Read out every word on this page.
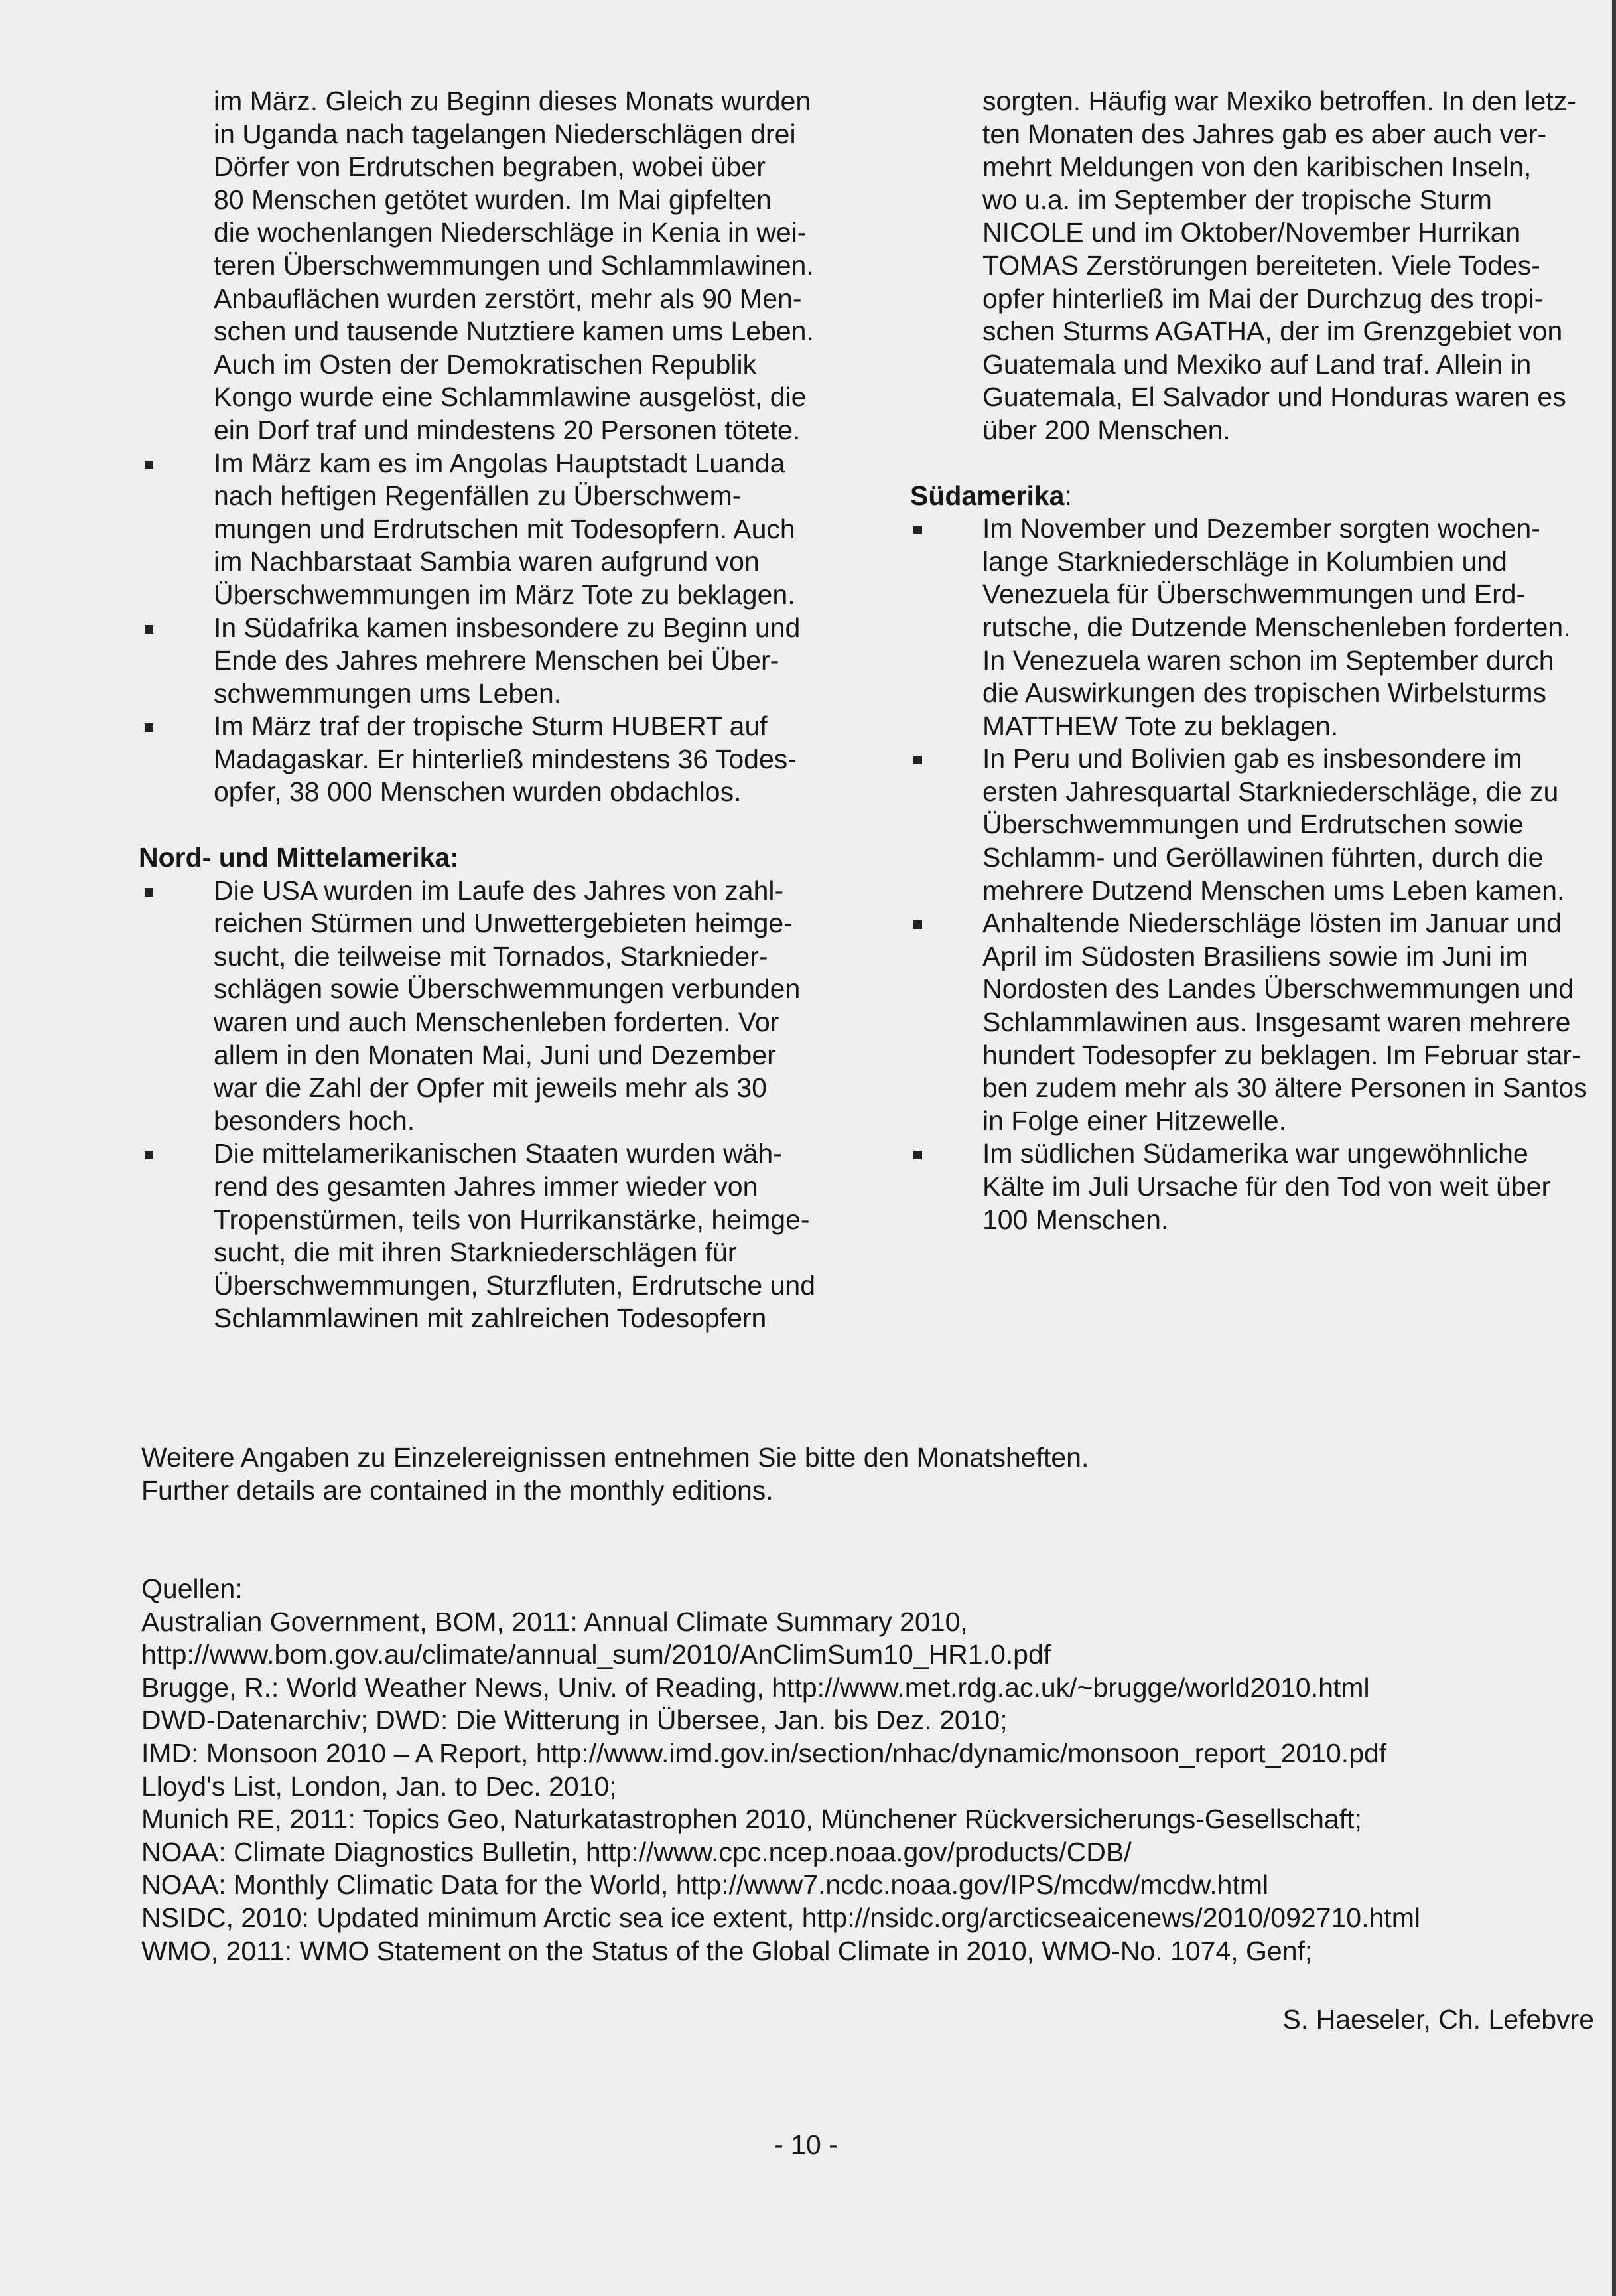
im März. Gleich zu Beginn dieses Monats wurden
in Uganda nach tagelangen Niederschlägen drei
Dörfer von Erdrutschen begraben, wobei über
80 Menschen getötet wurden. Im Mai gipfelten
die wochenlangen Niederschläge in Kenia in wei-
teren Überschwemmungen und Schlammlawinen.
Anbauflächen wurden zerstört, mehr als 90 Men-
schen und tausende Nutztiere kamen ums Leben.
Auch im Osten der Demokratischen Republik
Kongo wurde eine Schlammlawine ausgelöst, die
ein Dorf traf und mindestens 20 Personen tötete.
Im März kam es im Angolas Hauptstadt Luanda
nach heftigen Regenfällen zu Überschwem-
mungen und Erdrutschen mit Todesopfern. Auch
im Nachbarstaat Sambia waren aufgrund von
Überschwemmungen im März Tote zu beklagen.
In Südafrika kamen insbesondere zu Beginn und
Ende des Jahres mehrere Menschen bei Über-
schwemmungen ums Leben.
Im März traf der tropische Sturm HUBERT auf
Madagaskar. Er hinterließ mindestens 36 Todes-
opfer, 38 000 Menschen wurden obdachlos.
Nord- und Mittelamerika:
Die USA wurden im Laufe des Jahres von zahl-
reichen Stürmen und Unwettergebieten heimge-
sucht, die teilweise mit Tornados, Starknieder-
schlägen sowie Überschwemmungen verbunden
waren und auch Menschenleben forderten. Vor
allem in den Monaten Mai, Juni und Dezember
war die Zahl der Opfer mit jeweils mehr als 30
besonders hoch.
Die mittelamerikanischen Staaten wurden wäh-
rend des gesamten Jahres immer wieder von
Tropenstürmen, teils von Hurrikanstärke, heimge-
sucht, die mit ihren Starkniederschlägen für
Überschwemmungen, Sturzfluten, Erdrutsche und
Schlammlawinen mit zahlreichen Todesopfern
sorgten. Häufig war Mexiko betroffen. In den letz-
ten Monaten des Jahres gab es aber auch ver-
mehrt Meldungen von den karibischen Inseln,
wo u.a. im September der tropische Sturm
NICOLE und im Oktober/November Hurrikan
TOMAS Zerstörungen bereiteten. Viele Todes-
opfer hinterließ im Mai der Durchzug des tropi-
schen Sturms AGATHA, der im Grenzgebiet von
Guatemala und Mexiko auf Land traf. Allein in
Guatemala, El Salvador und Honduras waren es
über 200 Menschen.
Südamerika:
Im November und Dezember sorgten wochen-
lange Starkniederschläge in Kolumbien und
Venezuela für Überschwemmungen und Erd-
rutsche, die Dutzende Menschenleben forderten.
In Venezuela waren schon im September durch
die Auswirkungen des tropischen Wirbelsturms
MATTHEW Tote zu beklagen.
In Peru und Bolivien gab es insbesondere im
ersten Jahresquartal Starkniederschläge, die zu
Überschwemmungen und Erdrutschen sowie
Schlamm- und Geröllawinen führten, durch die
mehrere Dutzend Menschen ums Leben kamen.
Anhaltende Niederschläge lösten im Januar und
April im Südosten Brasiliens sowie im Juni im
Nordosten des Landes Überschwemmungen und
Schlammlawinen aus. Insgesamt waren mehrere
hundert Todesopfer zu beklagen. Im Februar star-
ben zudem mehr als 30 ältere Personen in Santos
in Folge einer Hitzewelle.
Im südlichen Südamerika war ungewöhnliche
Kälte im Juli Ursache für den Tod von weit über
100 Menschen.

Weitere Angaben zu Einzelereignissen entnehmen Sie bitte den Monatsheften.

Further details are contained in the monthly editions.

Quellen:

Australian Government, BOM, 2011: Annual Climate Summary 2010,

http://www.bom.gov.au/climate/annual_sum/2010/AnClimSum10_HR1.0.pdf

Brugge, R.: World Weather News, Univ. of Reading, http://www.met.rdg.ac.uk/~brugge/world2010.html

DWD-Datenarchiv; DWD: Die Witterung in Übersee, Jan. bis Dez. 2010;

IMD: Monsoon 2010 – A Report, http://www.imd.gov.in/section/nhac/dynamic/monsoon_report_2010.pdf

Lloyd's List, London, Jan. to Dec. 2010;

Munich RE, 2011: Topics Geo, Naturkatastrophen 2010, Münchener Rückversicherungs-Gesellschaft;

NOAA: Climate Diagnostics Bulletin, http://www.cpc.ncep.noaa.gov/products/CDB/

NOAA: Monthly Climatic Data for the World, http://www7.ncdc.noaa.gov/IPS/mcdw/mcdw.html

NSIDC, 2010: Updated minimum Arctic sea ice extent, http://nsidc.org/arcticseaicenews/2010/092710.html

WMO, 2011: WMO Statement on the Status of the Global Climate in 2010, WMO-No. 1074, Genf;

S. Haeseler, Ch. Lefebvre
- 10 -
